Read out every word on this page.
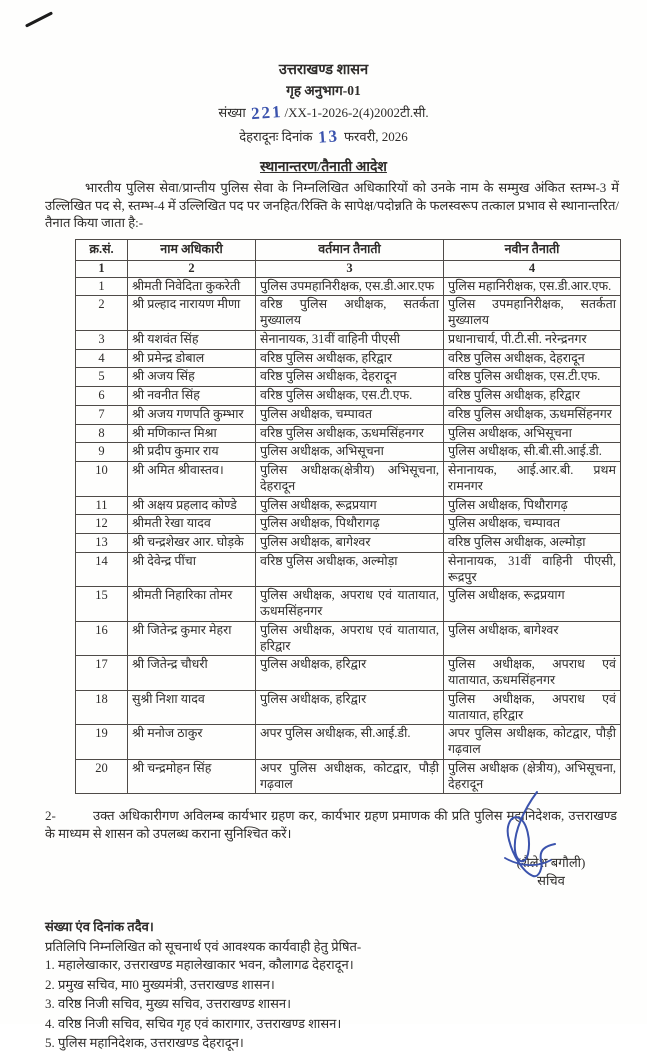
उत्तराखण्ड शासन
गृह अनुभाग-01
संख्या 221/XX-1-2026-2(4)2002टी.सी.
देहरादूनः दिनांक 13 फरवरी, 2026
स्थानान्तरण/तैनाती आदेश

भारतीय पुलिस सेवा/प्रान्तीय पुलिस सेवा के निम्नलिखित अधिकारियों को उनके नाम के सम्मुख अंकित स्तम्भ-3 में उल्लिखित पद से, स्तम्भ-4 में उल्लिखित पद पर जनहित/रिक्ति के सापेक्ष/पदोन्नति के फलस्वरूप तत्काल प्रभाव से स्थानान्तरित/तैनात किया जाता है:-

क्र.सं.	नाम अधिकारी	वर्तमान तैनाती	नवीन तैनाती
1	2	3	4
1	श्रीमती निवेदिता कुकरेती	पुलिस उपमहानिरीक्षक, एस.डी.आर.एफ	पुलिस महानिरीक्षक, एस.डी.आर.एफ.
2	श्री प्रल्हाद नारायण मीणा	वरिष्ठ पुलिस अधीक्षक, सतर्कता मुख्यालय	पुलिस उपमहानिरीक्षक, सतर्कता मुख्यालय
3	श्री यशवंत सिंह	सेनानायक, 31वीं वाहिनी पीएसी	प्रधानाचार्य, पी.टी.सी. नरेन्द्रनगर
4	श्री प्रमेन्द्र डोबाल	वरिष्ठ पुलिस अधीक्षक, हरिद्वार	वरिष्ठ पुलिस अधीक्षक, देहरादून
5	श्री अजय सिंह	वरिष्ठ पुलिस अधीक्षक, देहरादून	वरिष्ठ पुलिस अधीक्षक, एस.टी.एफ.
6	श्री नवनीत सिंह	वरिष्ठ पुलिस अधीक्षक, एस.टी.एफ.	वरिष्ठ पुलिस अधीक्षक, हरिद्वार
7	श्री अजय गणपति कुम्भार	पुलिस अधीक्षक, चम्पावत	वरिष्ठ पुलिस अधीक्षक, ऊधमसिंहनगर
8	श्री मणिकान्त मिश्रा	वरिष्ठ पुलिस अधीक्षक, ऊधमसिंहनगर	पुलिस अधीक्षक, अभिसूचना
9	श्री प्रदीप कुमार राय	पुलिस अधीक्षक, अभिसूचना	पुलिस अधीक्षक, सी.बी.सी.आई.डी.
10	श्री अमित श्रीवास्तव।	पुलिस अधीक्षक(क्षेत्रीय) अभिसूचना, देहरादून	सेनानायक, आई.आर.बी. प्रथम रामनगर
11	श्री अक्षय प्रहलाद कोण्डे	पुलिस अधीक्षक, रूद्रप्रयाग	पुलिस अधीक्षक, पिथौरागढ़
12	श्रीमती रेखा यादव	पुलिस अधीक्षक, पिथौरागढ़	पुलिस अधीक्षक, चम्पावत
13	श्री चन्द्रशेखर आर. घोड़के	पुलिस अधीक्षक, बागेश्वर	वरिष्ठ पुलिस अधीक्षक, अल्मोड़ा
14	श्री देवेन्द्र पींचा	वरिष्ठ पुलिस अधीक्षक, अल्मोड़ा	सेनानायक, 31वीं वाहिनी पीएसी, रूद्रपुर
15	श्रीमती निहारिका तोमर	पुलिस अधीक्षक, अपराध एवं यातायात, ऊधमसिंहनगर	पुलिस अधीक्षक, रूद्रप्रयाग
16	श्री जितेन्द्र कुमार मेहरा	पुलिस अधीक्षक, अपराध एवं यातायात, हरिद्वार	पुलिस अधीक्षक, बागेश्वर
17	श्री जितेन्द्र चौधरी	पुलिस अधीक्षक, हरिद्वार	पुलिस अधीक्षक, अपराध एवं यातायात, ऊधमसिंहनगर
18	सुश्री निशा यादव	पुलिस अधीक्षक, हरिद्वार	पुलिस अधीक्षक, अपराध एवं यातायात, हरिद्वार
19	श्री मनोज ठाकुर	अपर पुलिस अधीक्षक, सी.आई.डी.	अपर पुलिस अधीक्षक, कोटद्वार, पौड़ी गढ़वाल
20	श्री चन्द्रमोहन सिंह	अपर पुलिस अधीक्षक, कोटद्वार, पौड़ी गढ़वाल	पुलिस अधीक्षक (क्षेत्रीय), अभिसूचना, देहरादून

2-	उक्त अधिकारीगण अविलम्ब कार्यभार ग्रहण कर, कार्यभार ग्रहण प्रमाणक की प्रति पुलिस महानिदेशक, उत्तराखण्ड के माध्यम से शासन को उपलब्ध कराना सुनिश्चित करें।

(शैलेश बगौली)
सचिव
संख्या एंव दिनांक तदैव।
प्रतिलिपि निम्नलिखित को सूचनार्थ एवं आवश्यक कार्यवाही हेतु प्रेषित-
1. महालेखाकार, उत्तराखण्ड महालेखाकार भवन, कौलागढ देहरादून।
2. प्रमुख सचिव, मा0 मुख्यमंत्री, उत्तराखण्ड शासन।
3. वरिष्ठ निजी सचिव, मुख्य सचिव, उत्तराखण्ड शासन।
4. वरिष्ठ निजी सचिव, सचिव गृह एवं कारागार, उत्तराखण्ड शासन।
5. पुलिस महानिदेशक, उत्तराखण्ड देहरादून।
